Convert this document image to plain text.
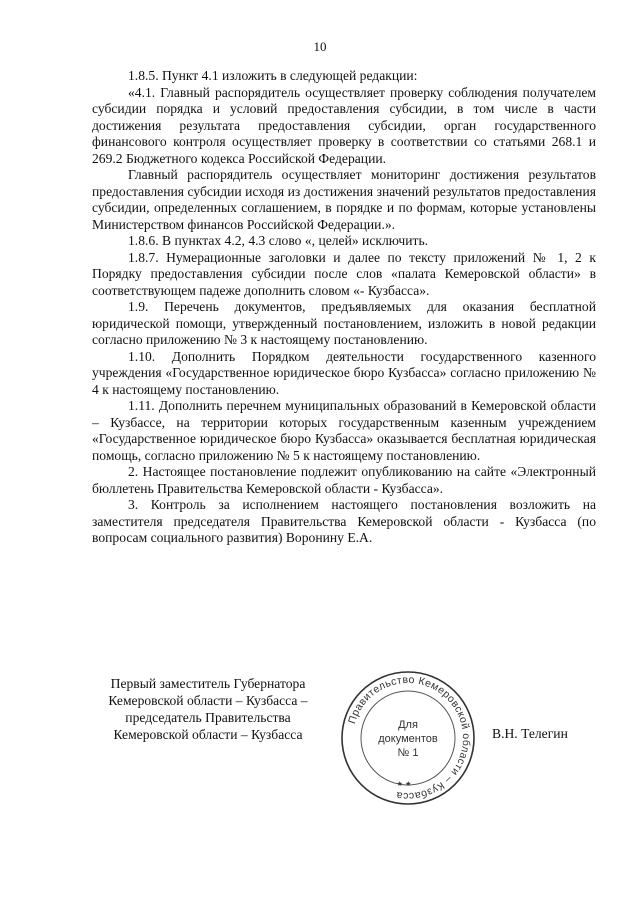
10

1.8.5. Пункт 4.1 изложить в следующей редакции:

«4.1. Главный распорядитель осуществляет проверку соблюдения получателем субсидии порядка и условий предоставления субсидии, в том числе в части достижения результата предоставления субсидии, орган государственного финансового контроля осуществляет проверку в соответствии со статьями 268.1 и 269.2 Бюджетного кодекса Российской Федерации.

Главный распорядитель осуществляет мониторинг достижения результатов предоставления субсидии исходя из достижения значений результатов предоставления субсидии, определенных соглашением, в порядке и по формам, которые установлены Министерством финансов Российской Федерации.».

1.8.6. В пунктах 4.2, 4.3 слово «, целей» исключить.

1.8.7. Нумерационные заголовки и далее по тексту приложений № 1, 2 к Порядку предоставления субсидии после слов «палата Кемеровской области» в соответствующем падеже дополнить словом «- Кузбасса».

1.9. Перечень документов, предъявляемых для оказания бесплатной юридической помощи, утвержденный постановлением, изложить в новой редакции согласно приложению № 3 к настоящему постановлению.

1.10. Дополнить Порядком деятельности государственного казенного учреждения «Государственное юридическое бюро Кузбасса» согласно приложению № 4 к настоящему постановлению.

1.11. Дополнить перечнем муниципальных образований в Кемеровской области – Кузбассе, на территории которых государственным казенным учреждением «Государственное юридическое бюро Кузбасса» оказывается бесплатная юридическая помощь, согласно приложению № 5 к настоящему постановлению.

2. Настоящее постановление подлежит опубликованию на сайте «Электронный бюллетень Правительства Кемеровской области - Кузбасса».

3. Контроль за исполнением настоящего постановления возложить на заместителя председателя Правительства Кемеровской области - Кузбасса (по вопросам социального развития) Воронину Е.А.

Первый заместитель Губернатора
Кемеровской области – Кузбасса –
председатель Правительства
Кемеровской области – Кузбасса
Правительство Кемеровской области – Кузбасса
★ ★
Для
документов
№ 1
В.Н. Телегин
